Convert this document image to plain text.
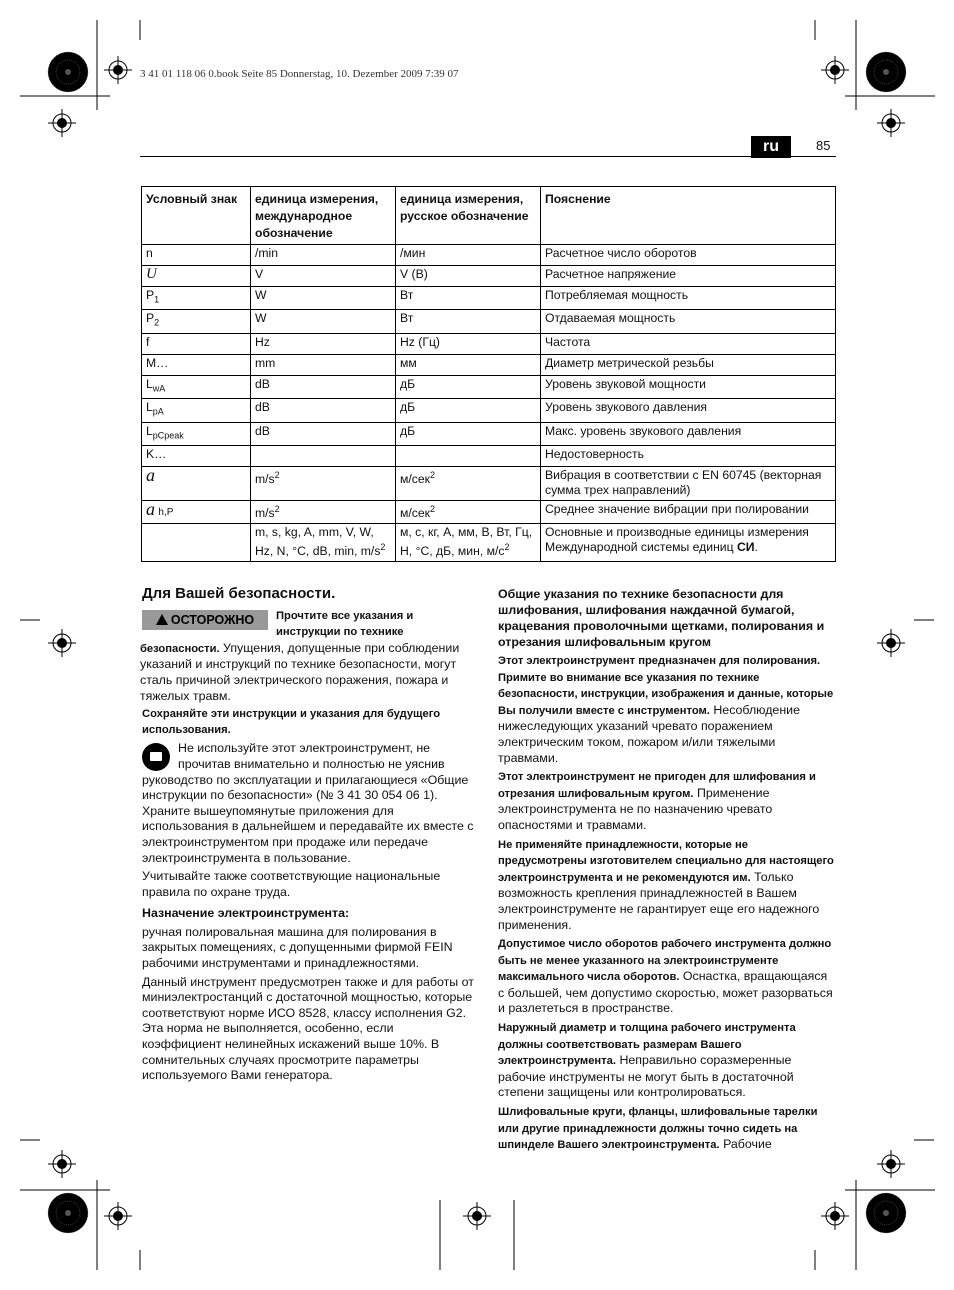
3 41 01 118 06 0.book Seite 85 Donnerstag, 10. Dezember 2009 7:39 07
ru	85
Условный знак	единица измерения, международное обозначение	единица измерения, русское обозначение	Пояснение
n	/min	/мин	Расчетное число оборотов
U	V	V (В)	Расчетное напряжение
$P_1$	W	Вт	Потребляемая мощность
$P_2$	W	Вт	Отдаваемая мощность
f	Hz	Hz (Гц)	Частота
M…	mm	мм	Диаметр метрической резьбы
$L_{wA}$	dB	дБ	Уровень звуковой мощности
$L_{pA}$	dB	дБ	Уровень звукового давления
$L_{pCpeak}$	dB	дБ	Макс. уровень звукового давления
K…			Недостоверность
a	$m/s^2$	м/сек$^2$	Вибрация в соответствии с EN 60745 (векторная сумма трех направлений)
a h,P	$m/s^2$	м/сек$^2$	Среднее значение вибрации при полировании
	m, s, kg, A, mm, V, W, Hz, N, °C, dB, min, $m/s^2$	м, с, кг, А, мм, В, Вт, Гц, Н, °C, дБ, мин, $м/с^2$	Основные и производные единицы измерения Международной системы единиц СИ.
Для Вашей безопасности.
ОСТОРОЖНО	Прочтите все указания и инструкции по технике безопасности. Упущения, допущенные при соблюдении указаний и инструкций по технике безопасности, могут сталь причиной электрического поражения, пожара и тяжелых травм.

Сохраняйте эти инструкции и указания для будущего использования.

Не используйте этот электроинструмент, не прочитав внимательно и полностью не уяснив руководство по эксплуатации и прилагающиеся «Общие инструкции по безопасности» (№ 3 41 30 054 06 1). Храните вышеупомянутые приложения для использования в дальнейшем и передавайте их вместе с электроинструментом при продаже или передаче электроинструмента в пользование.

Учитывайте также соответствующие национальные правила по охране труда.

Назначение электроинструмента:

ручная полировальная машина для полирования в закрытых помещениях, с допущенными фирмой FEIN рабочими инструментами и принадлежностями.

Данный инструмент предусмотрен также и для работы от миниэлектростанций с достаточной мощностью, которые соответствуют норме ИСО 8528, классу исполнения G2. Эта норма не выполняется, особенно, если коэффициент нелинейных искажений выше 10%. В сомнительных случаях просмотрите параметры используемого Вами генератора.

Общие указания по технике безопасности для шлифования, шлифования наждачной бумагой, крацевания проволочными щетками, полирования и отрезания шлифовальным кругом

Этот электроинструмент предназначен для полирования. Примите во внимание все указания по технике безопасности, инструкции, изображения и данные, которые Вы получили вместе с инструментом. Несоблюдение нижеследующих указаний чревато поражением электрическим током, пожаром и/или тяжелыми травмами.

Этот электроинструмент не пригоден для шлифования и отрезания шлифовальным кругом. Применение электроинструмента не по назначению чревато опасностями и травмами.

Не применяйте принадлежности, которые не предусмотрены изготовителем специально для настоящего электроинструмента и не рекомендуются им. Только возможность крепления принадлежностей в Вашем электроинструменте не гарантирует еще его надежного применения.

Допустимое число оборотов рабочего инструмента должно быть не менее указанного на электроинструменте максимального числа оборотов. Оснастка, вращающаяся с большей, чем допустимо скоростью, может разорваться и разлететься в пространстве.

Наружный диаметр и толщина рабочего инструмента должны соответствовать размерам Вашего электроинструмента. Неправильно соразмеренные рабочие инструменты не могут быть в достаточной степени защищены или контролироваться.

Шлифовальные круги, фланцы, шлифовальные тарелки или другие принадлежности должны точно сидеть на шпинделе Вашего электроинструмента. Рабочие
